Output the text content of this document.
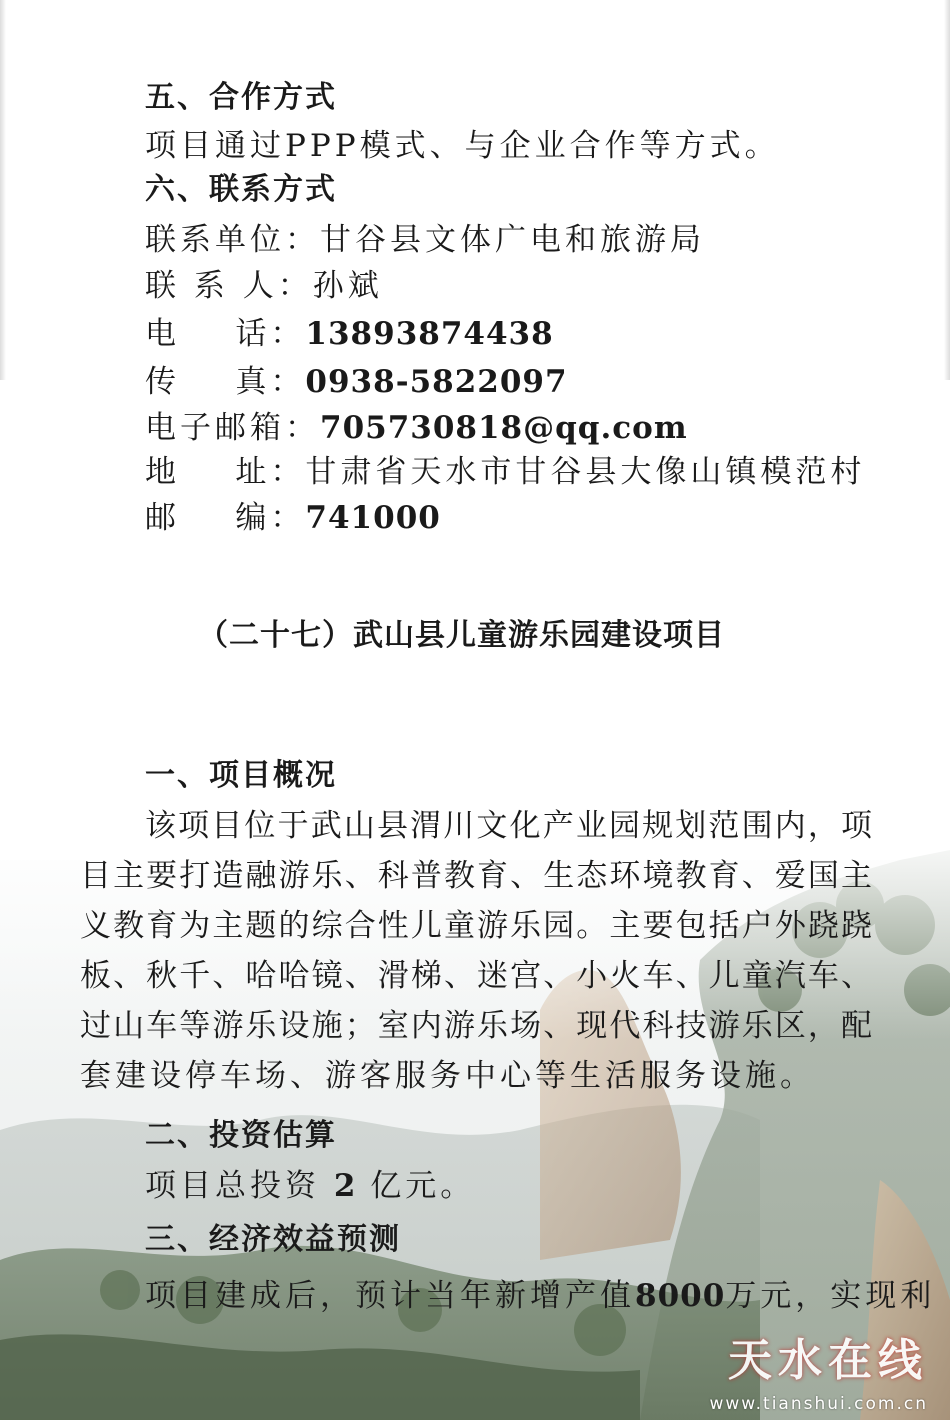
五、合作方式
项目通过PPP模式、与企业合作等方式。
六、联系方式
联系单位：甘谷县文体广电和旅游局
联 系 人：孙斌
电    话：13893874438
传    真：0938-5822097
电子邮箱：705730818@qq.com
地    址：甘肃省天水市甘谷县大像山镇模范村
邮    编：741000
（二十七）武山县儿童游乐园建设项目
一、项目概况
该项目位于武山县渭川文化产业园规划范围内，项
目主要打造融游乐、科普教育、生态环境教育、爱国主
义教育为主题的综合性儿童游乐园。主要包括户外跷跷
板、秋千、哈哈镜、滑梯、迷宫、小火车、儿童汽车、
过山车等游乐设施；室内游乐场、现代科技游乐区，配
套建设停车场、游客服务中心等生活服务设施。
二、投资估算
项目总投资 2 亿元。
三、经济效益预测
项目建成后，预计当年新增产值8000万元，实现利
天水在线
www.tianshui.com.cn
